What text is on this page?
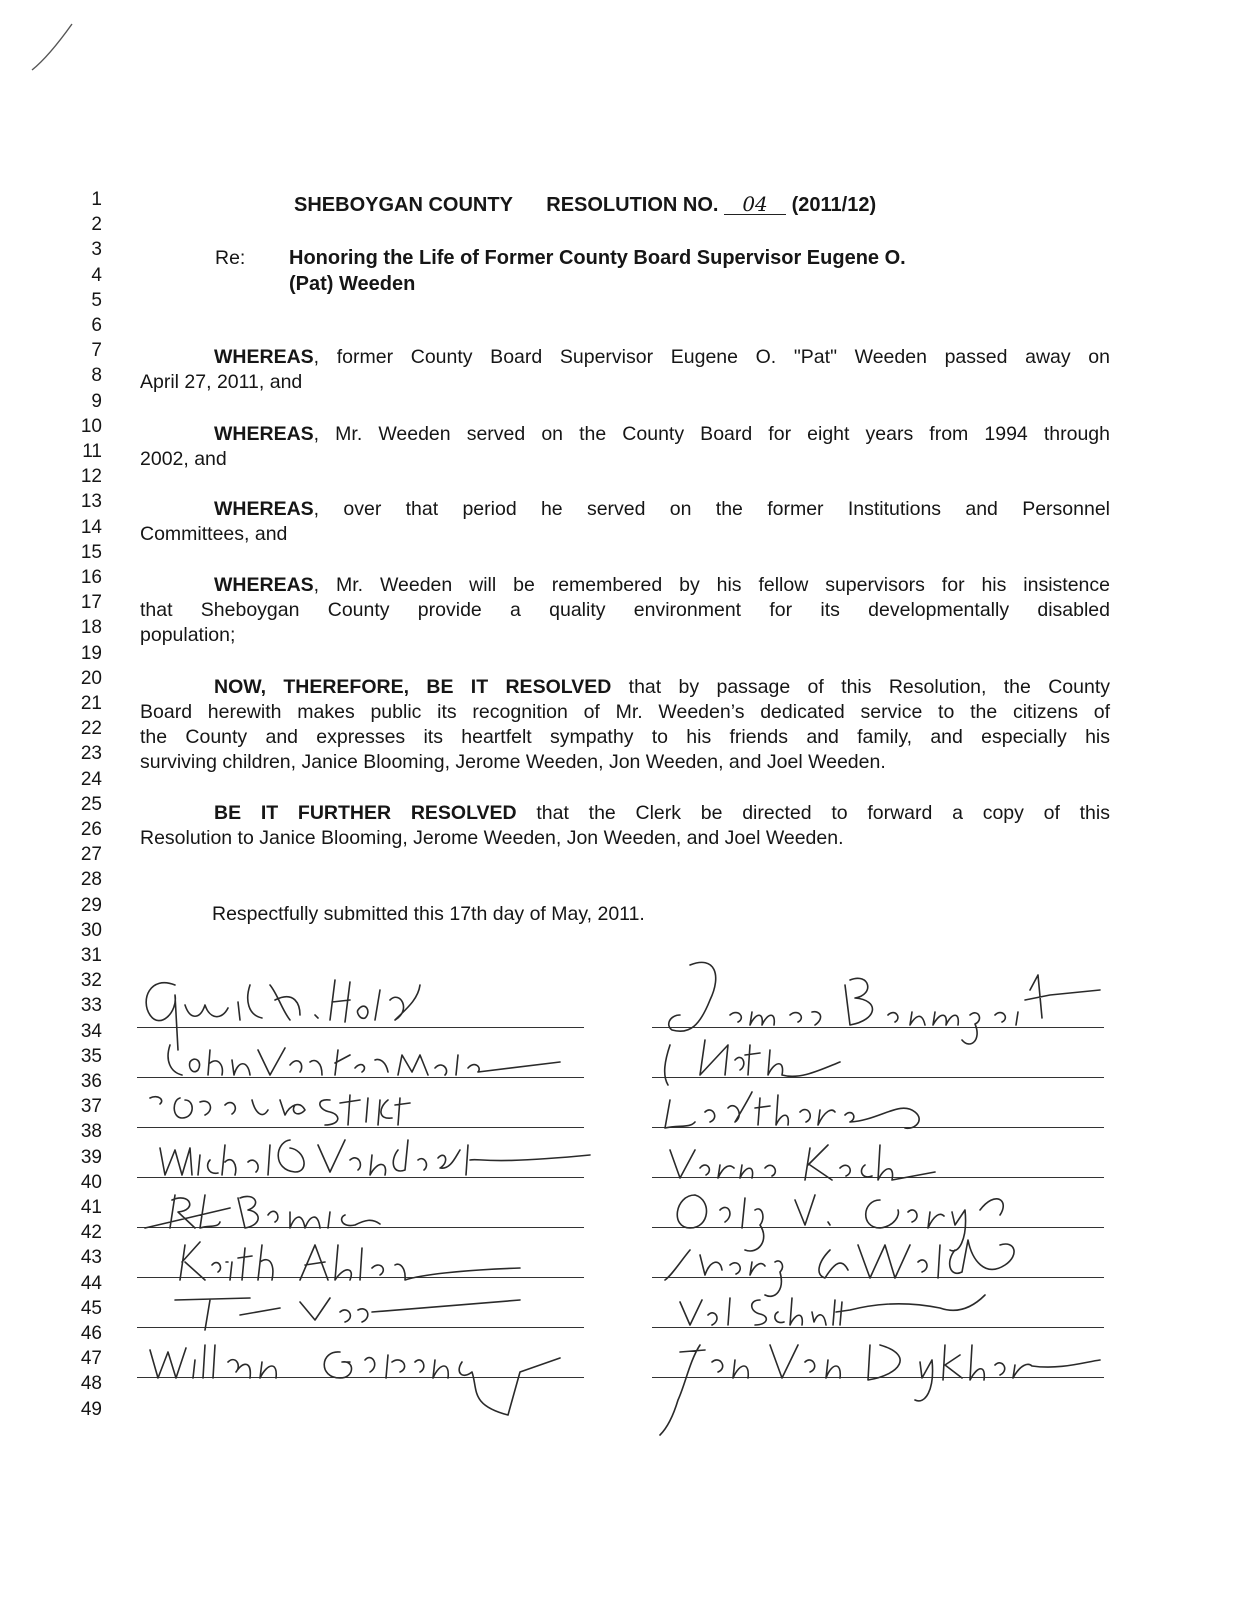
1
2
3
4
5
6
7
8
9
10
11
12
13
14
15
16
17
18
19
20
21
22
23
24
25
26
27
28
29
30
31
32
33
34
35
36
37
38
39
40
41
42
43
44
45
46
47
48
49
SHEBOYGAN COUNTY RESOLUTION NO. 04 (2011/12)
Re: Honoring the Life of Former County Board Supervisor Eugene O.
(Pat) Weeden
WHEREAS, former County Board Supervisor Eugene O. "Pat" Weeden passed away on
April 27, 2011, and
WHEREAS, Mr. Weeden served on the County Board for eight years from 1994 through
2002, and
WHEREAS, over that period he served on the former Institutions and Personnel
Committees, and
WHEREAS, Mr. Weeden will be remembered by his fellow supervisors for his insistence
that Sheboygan County provide a quality environment for its developmentally disabled
population;
NOW, THEREFORE, BE IT RESOLVED that by passage of this Resolution, the County
Board herewith makes public its recognition of Mr. Weeden’s dedicated service to the citizens of
the County and expresses its heartfelt sympathy to his friends and family, and especially his
surviving children, Janice Blooming, Jerome Weeden, Jon Weeden, and Joel Weeden.
BE IT FURTHER RESOLVED that the Clerk be directed to forward a copy of this
Resolution to Janice Blooming, Jerome Weeden, Jon Weeden, and Joel Weeden.
Respectfully submitted this 17th day of May, 2011.
